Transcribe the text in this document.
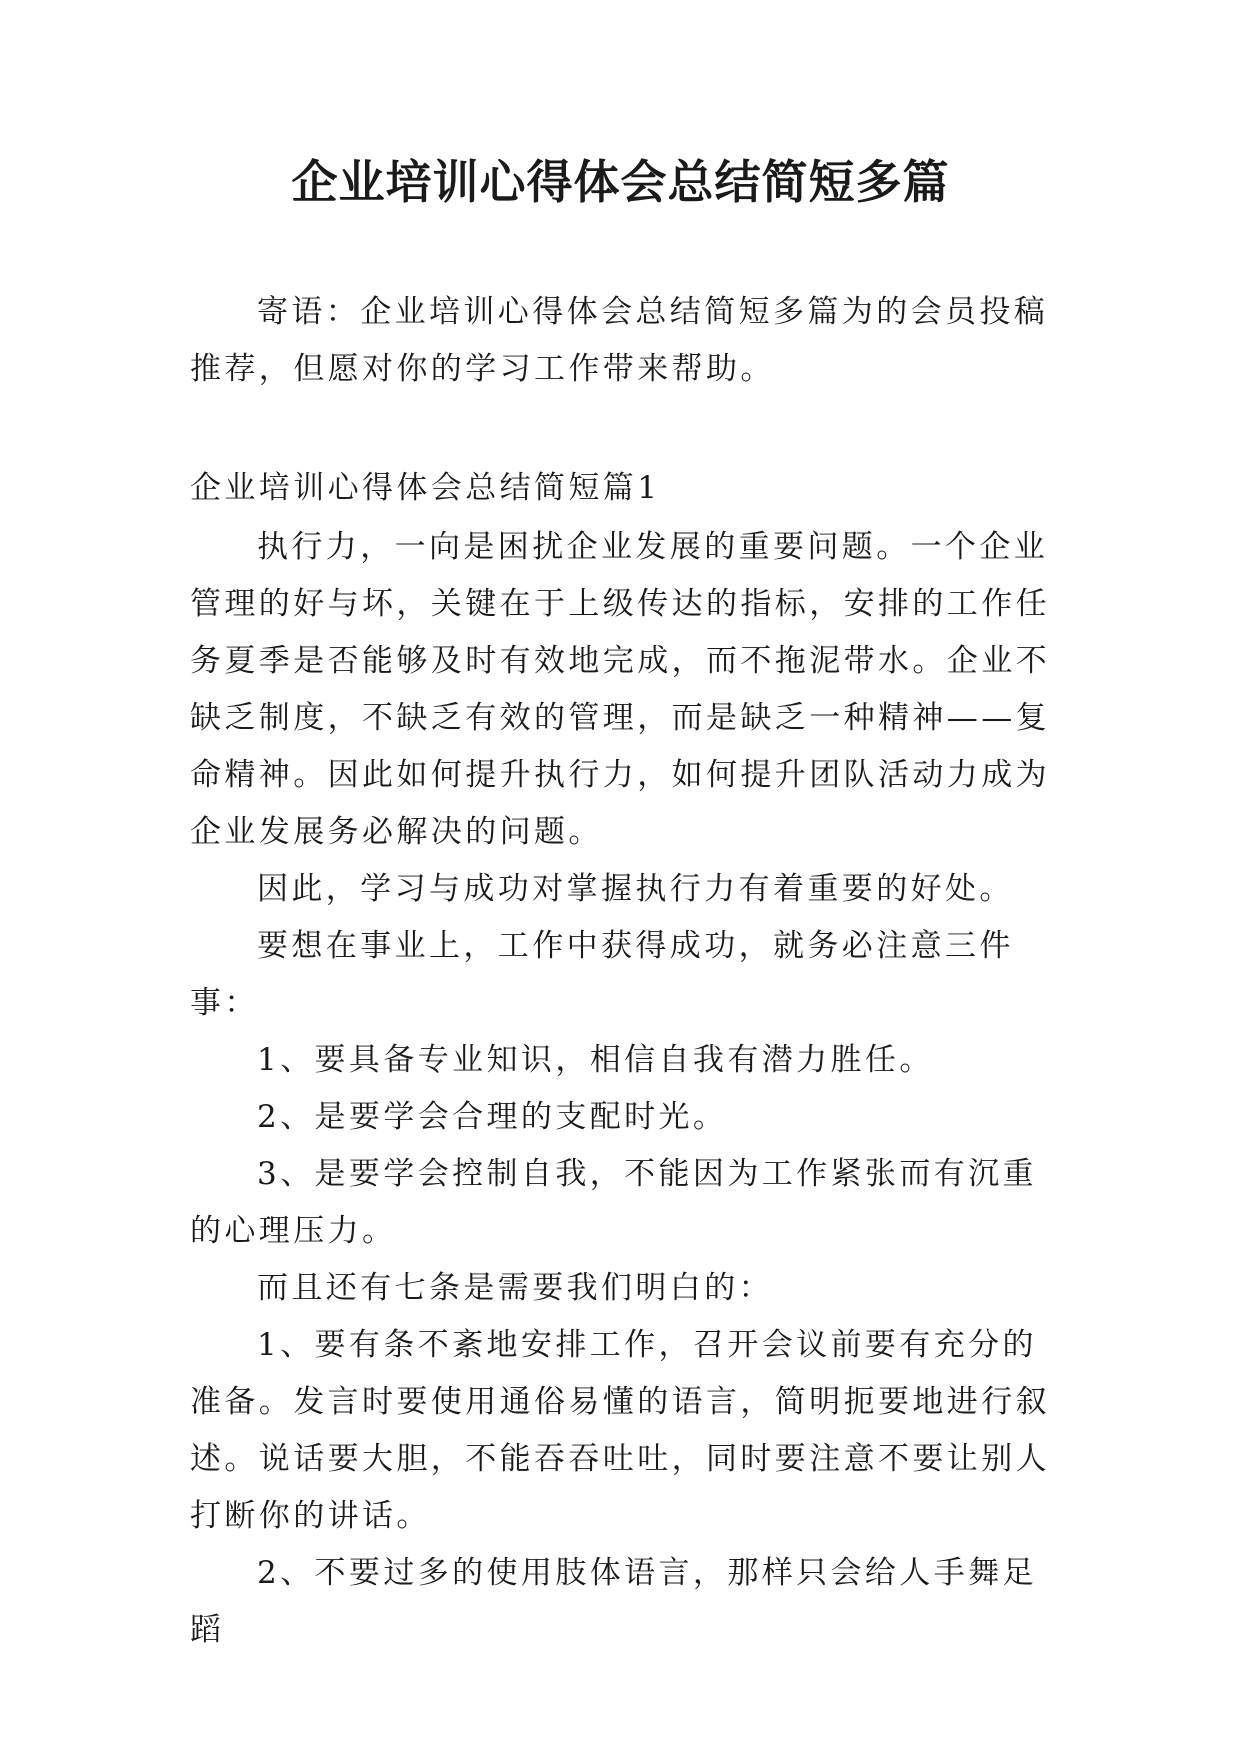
企业培训心得体会总结简短多篇

寄语：企业培训心得体会总结简短多篇为的会员投稿推荐，但愿对你的学习工作带来帮助。

企业培训心得体会总结简短篇1

执行力，一向是困扰企业发展的重要问题。一个企业管理的好与坏，关键在于上级传达的指标，安排的工作任务夏季是否能够及时有效地完成，而不拖泥带水。企业不缺乏制度，不缺乏有效的管理，而是缺乏一种精神——复命精神。因此如何提升执行力，如何提升团队活动力成为企业发展务必解决的问题。

因此，学习与成功对掌握执行力有着重要的好处。

要想在事业上，工作中获得成功，就务必注意三件事：

1、要具备专业知识，相信自我有潜力胜任。

2、是要学会合理的支配时光。

3、是要学会控制自我，不能因为工作紧张而有沉重的心理压力。

而且还有七条是需要我们明白的：

1、要有条不紊地安排工作，召开会议前要有充分的准备。发言时要使用通俗易懂的语言，简明扼要地进行叙述。说话要大胆，不能吞吞吐吐，同时要注意不要让别人打断你的讲话。

2、不要过多的使用肢体语言，那样只会给人手舞足蹈
